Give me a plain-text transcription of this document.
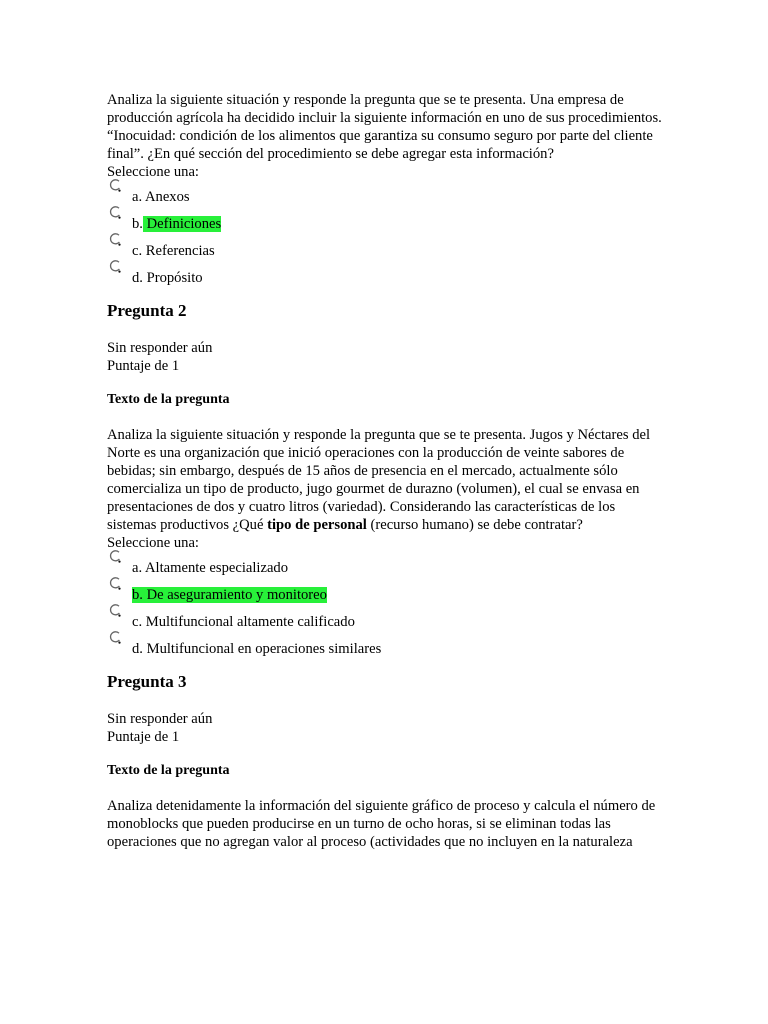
Analiza la siguiente situación y responde la pregunta que se te presenta. Una empresa de producción agrícola ha decidido incluir la siguiente información en uno de sus procedimientos. “Inocuidad: condición de los alimentos que garantiza su consumo seguro por parte del cliente final”. ¿En qué sección del procedimiento se debe agregar esta información?

Seleccione una:

a. Anexos
b. Definiciones
c. Referencias
d. Propósito
Pregunta 2

Sin responder aún

Puntaje de 1

Texto de la pregunta

Analiza la siguiente situación y responde la pregunta que se te presenta. Jugos y Néctares del Norte es una organización que inició operaciones con la producción de veinte sabores de bebidas; sin embargo, después de 15 años de presencia en el mercado, actualmente sólo comercializa un tipo de producto, jugo gourmet de durazno (volumen), el cual se envasa en presentaciones de dos y cuatro litros (variedad). Considerando las características de los sistemas productivos ¿Qué tipo de personal (recurso humano) se debe contratar?

Seleccione una:

a. Altamente especializado
b. De aseguramiento y monitoreo
c. Multifuncional altamente calificado
d. Multifuncional en operaciones similares
Pregunta 3

Sin responder aún

Puntaje de 1

Texto de la pregunta

Analiza detenidamente la información del siguiente gráfico de proceso y calcula el número de monoblocks que pueden producirse en un turno de ocho horas, si se eliminan todas las operaciones que no agregan valor al proceso (actividades que no incluyen en la naturaleza
